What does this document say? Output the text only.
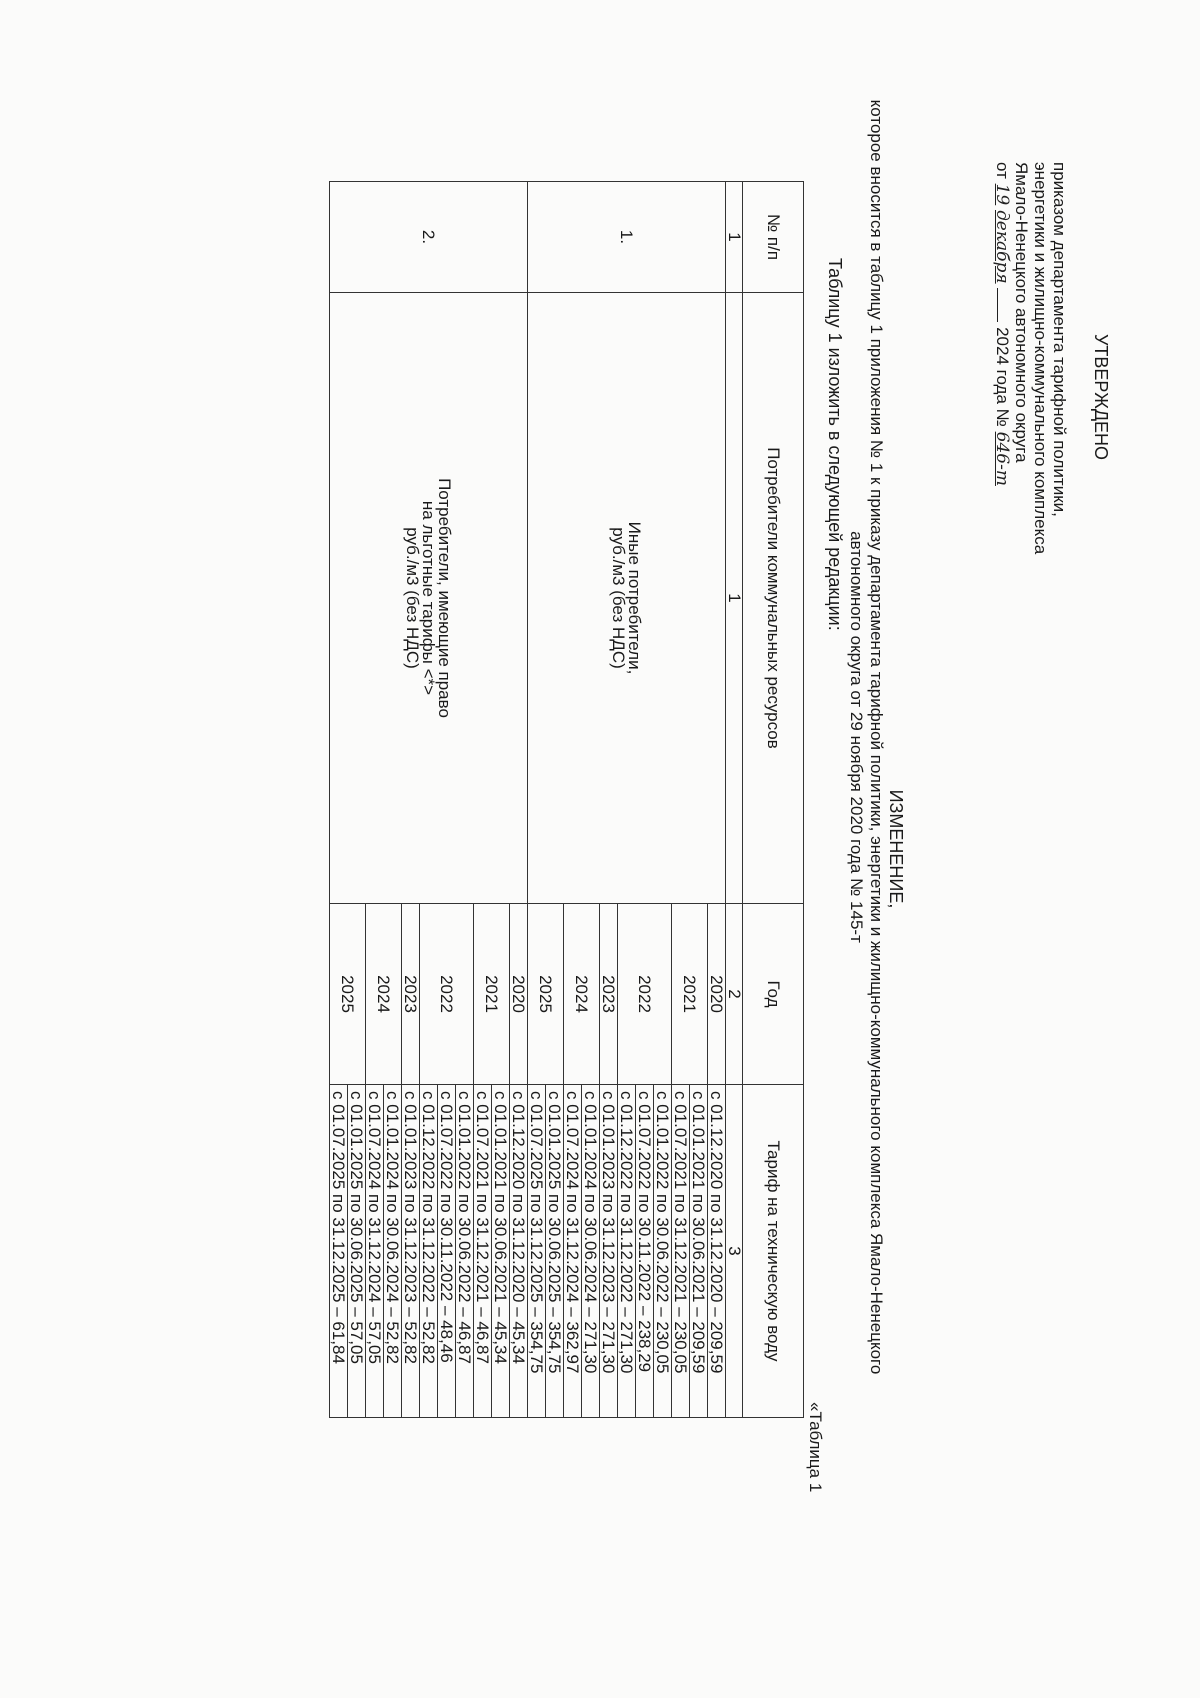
УТВЕРЖДЕНО
приказом департамента тарифной политики,
энергетики и жилищно-коммунального комплекса
Ямало-Ненецкого автономного округа
от 19 декабря  2024 года № 646-т
ИЗМЕНЕНИЕ,
которое вносится в таблицу 1 приложения № 1 к приказу департамента тарифной политики, энергетики и жилищно-коммунального комплекса Ямало-Ненецкого автономного округа от 29 ноября 2020 года № 145-т
Таблицу 1 изложить в следующей редакции:
«Таблица 1
№ п/п	Потребители коммунальных ресурсов	Год	Тариф на техническую воду
1	1	2	3
1.	Иные потребители,
руб./м3 (без НДС)	2020	с 01.12.2020 по 31.12.2020 – 209,59
		2021	с 01.01.2021 по 30.06.2021 – 209,59
			с 01.07.2021 по 31.12.2021 – 230,05
		2022	с 01.01.2022 по 30.06.2022 – 230,05
			с 01.07.2022 по 30.11.2022 – 238,29
			с 01.12.2022 по 31.12.2022 – 271,30
		2023	с 01.01.2023 по 31.12.2023 – 271,30
		2024	с 01.01.2024 по 30.06.2024 – 271,30
			с 01.07.2024 по 31.12.2024 – 362,97
		2025	с 01.01.2025 по 30.06.2025 – 354,75
			с 01.07.2025 по 31.12.2025 – 354,75
2.	Потребители, имеющие право
на льготные тарифы <*>
руб./м3 (без НДС)	2020	с 01.12.2020 по 31.12.2020 – 45,34
		2021	с 01.01.2021 по 30.06.2021 – 45,34
			с 01.07.2021 по 31.12.2021 – 46,87
		2022	с 01.01.2022 по 30.06.2022 – 46,87
			с 01.07.2022 по 30.11.2022 – 48,46
			с 01.12.2022 по 31.12.2022 – 52,82
		2023	с 01.01.2023 по 31.12.2023 – 52,82
		2024	с 01.01.2024 по 30.06.2024 – 52,82
			с 01.07.2024 по 31.12.2024 – 57,05
		2025	с 01.01.2025 по 30.06.2025 – 57,05
			с 01.07.2025 по 31.12.2025 – 61,84
